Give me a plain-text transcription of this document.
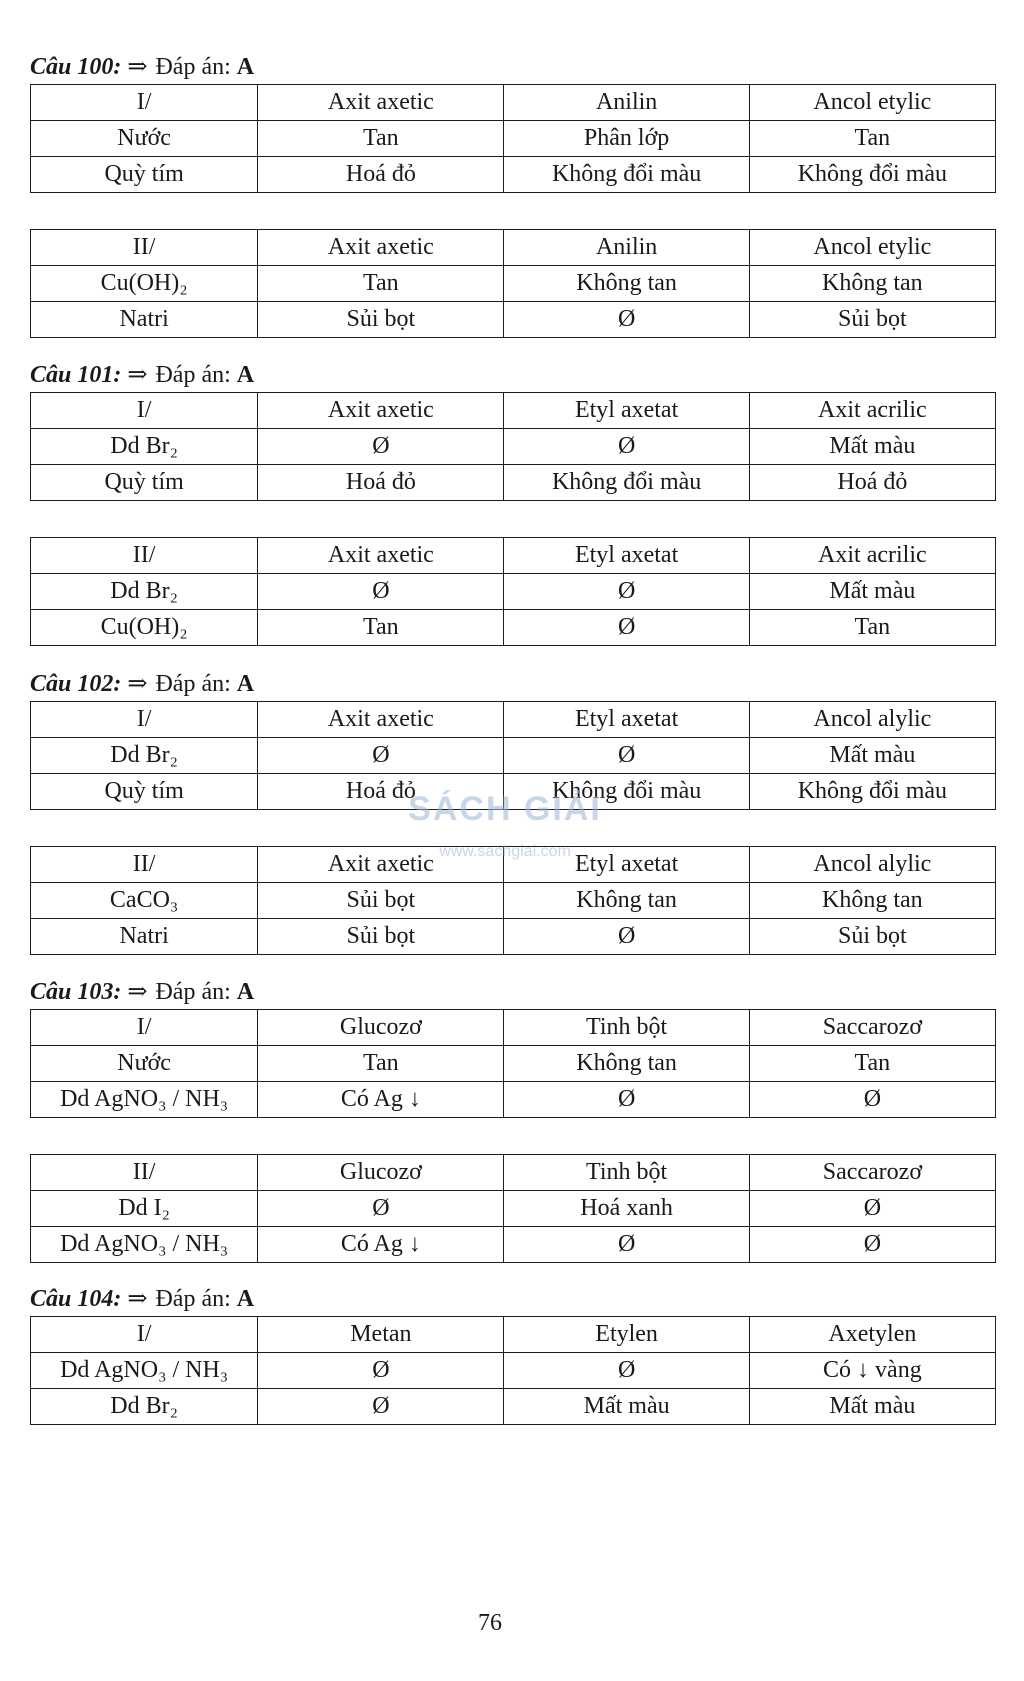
Câu 100: ⇒ Đáp án: A
I/	Axit axetic	Anilin	Ancol etylic
Nước	Tan	Phân lớp	Tan
Quỳ tím	Hoá đỏ	Không đổi màu	Không đổi màu
II/	Axit axetic	Anilin	Ancol etylic
Cu(OH)₂	Tan	Không tan	Không tan
Natri	Sủi bọt	Ø	Sủi bọt
Câu 101: ⇒ Đáp án: A
I/	Axit axetic	Etyl axetat	Axit acrilic
Dd Br₂	Ø	Ø	Mất màu
Quỳ tím	Hoá đỏ	Không đổi màu	Hoá đỏ
II/	Axit axetic	Etyl axetat	Axit acrilic
Dd Br₂	Ø	Ø	Mất màu
Cu(OH)₂	Tan	Ø	Tan
Câu 102: ⇒ Đáp án: A
I/	Axit axetic	Etyl axetat	Ancol alylic
Dd Br₂	Ø	Ø	Mất màu
Quỳ tím	Hoá đỏ	Không đổi màu	Không đổi màu
II/	Axit axetic	Etyl axetat	Ancol alylic
CaCO₃	Sủi bọt	Không tan	Không tan
Natri	Sủi bọt	Ø	Sủi bọt
Câu 103: ⇒ Đáp án: A
I/	Glucozơ	Tinh bột	Saccarozơ
Nước	Tan	Không tan	Tan
Dd AgNO₃ / NH₃	Có Ag ↓	Ø	Ø
II/	Glucozơ	Tinh bột	Saccarozơ
Dd I₂	Ø	Hoá xanh	Ø
Dd AgNO₃ / NH₃	Có Ag ↓	Ø	Ø
Câu 104: ⇒ Đáp án: A
I/	Metan	Etylen	Axetylen
Dd AgNO₃ / NH₃	Ø	Ø	Có ↓ vàng
Dd Br₂	Ø	Mất màu	Mất màu
76
SÁCH GIẢI
www.sachgiai.com
